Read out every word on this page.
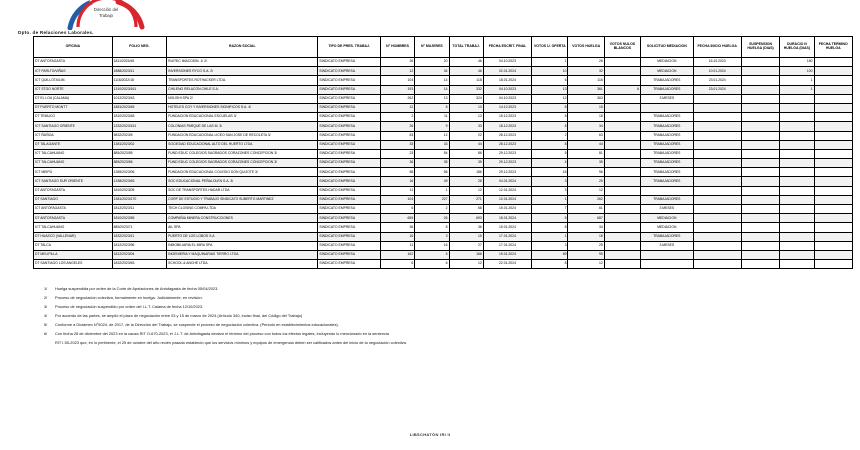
Dirección del
Trabajo
Dpto. de Relaciones Laborales.
OFICINA	FOLIO NEG.	RAZON SOCIAL	TIPO DE PRES. TRABAJ.	N° HOMBRES	N° MUJERES	TOTAL TRABAJ.	FECHA ESCRIT. FINAL	VOTOS U. OFERTA	VOTOS HUELGA	VOTOS NULOS BLANCOS	SOLICITUD MEDIACION	FECHA INICIO HUELGA	SUSPENSION HUELGA (DIAS)	DURACIO N HUELGA (DIAS)	FECHA TERMINO HUELGA
DT ANTOFAGASTA	1811/2023/45	RUITEC IMACOSIN. 1/ 2/	SINDICATO EMPRESA	26	20	46	04.10.2023	1	26		MEDIACION	16.10.2023		180	
ICT PARLTO/VIÑAS	1888/2023/11	INVERSIONES RYCO S.A. 2/	SINDICATO EMPRESA	12	34	46	02.01.2024	10	32		MEDIACION	10.01.2024		100	
ICT QUILLOTA/LIM.	1116/2022/18	TRANSPORTES ROTHACKER LTDA.	SINDICATO EMPRESA	104	14	118	18.01.2024	6	116		TRABAJADORES	23.01.2024		1	
ICT STGO NORTE	1310/2023/161	CHILENO RELACON CHILE S.A.	SINDICATO EMPRESA	193	14	332	04.10.2023	13	361	6	TRABAJADORES	23.01.2024		1	
DT EL LOA (CALAMA)	1012/2023/43	NOLISHI SPA 2/	SINDICATO EMPRESA	262	13	324	04.10.2023	12	363		3 MESES				
DT PUERTO MONTT	1881/2023/45	HOTELES CGY Y INVERSIONES SIGNIFICOS S.A. 4/	SINDICATO EMPRESA	12	8	13	14.12.2023	8	15						
DT TEMUCO	1810/2023/48	FUNDACION EDUCACIONAL ESCUELAS 3/	SINDICATO EMPRESA	2	11	13	15.12.2023	8	18		TRABAJADORES				
ICT SANTIAGO ORIENTE	1332/2023/151	COLONIAS PARQUE DE LAS M. 3/	SINDICATO EMPRESA	26	9	33	18.12.2023	8	34		TRABAJADORES				
ICT ÑUÑOA	5832/2023/5	FUNDACION EDUCACIONAL LICEO SAN JOSE DE RECOLETA 3/	SINDICATO EMPRESA	53	12	22	28.12.2023	2	63		TRABAJADORES				
DT TALAGANTE	1381/2023/02	SOCIEDAD EDUCACIONAL ALTO DEL HUERTO LTDA	SINDICATO EMPRESA	33	33	44	28.12.2023	8	44		TRABAJADORES				
ICT TALCAHUANO	885/2023/55	FUND EDUC COLEGIOS SAGRADOS CORAZONES CONCEPCION 3/	SINDICATO EMPRESA	23	54	86	29.12.2023	5	81		TRABAJADORES				
ICT TALCAHUANO	885/2023/56	FUND EDUC COLEGIOS SAGRADOS CORAZONES CONCEPCION 3/	SINDICATO EMPRESA	36	35	35	29.12.2023	4	35		TRABAJADORES				
ICT MEIPÚ	1385/2023/06	FUNDACION EDUCACIONAL COLEGIO DON QUIJOTE 3/	SINDICATO EMPRESA	58	56	186	29.12.2023	18	96		TRABAJADORES				
ICT SANTIAGO SUR ORIENTE	1338/2023/63	SOC EDUCACIONAL PEÑALOLEN S.A. 3/	SINDICATO EMPRESA	16	49	28	04.01.2024	3	25		TRABAJADORES				
DT ANTOFAGASTA	1810/2023/05	SOC DE TRANSPORTES HADAR LTDA	SINDICATO EMPRESA	11	1	12	12.01.2024	3	12						
DT SANTIAGO	1381/2023/170	CORP DE ESTUDIO Y TRABAJO SINDICATO SUBERTO MARTINEZ	SINDICATO EMPRESA	104	227	271	12.01.2024	1	262		TRABAJADORES				
ICT ANTOFAGASTA	1812/2023/11	TECH CLOSING COMPA LTDA	SINDICATO EMPRESA	6	2	68	15.01.2024	7	61		3 MESES				
DT ANTOFAGASTA	1810/2023/55	COMPAÑIA MINERA CONSTRUCCIONES	SINDICATO EMPRESA	655	26	693	15.01.2024	5	687		MEDIACION				
ICT TALCAHUANO	885/2023/71	AIL SPA	SINDICATO EMPRESA	36	8	36	15.01.2024	8	34		MEDIACION				
DT HUASCO (VALLENAR)	1832/2023/11	PUERTO DE LOS LOBOS S.A	SINDICATO EMPRESA	16	3	15	17.01.2024	1	18		TRABAJADORES				
DT TALCA	1812/2023/96	INMOBILIARIA EL MIRA SPA	SINDICATO EMPRESA	11	16	27	17.01.2024	3	25		3 MESES				
DT MELIPILLA	1812/2023/04	INGENIERIA Y MAQUINARIAS TIERRO LTDA.	SINDICATO EMPRESA	162	5	166	19.01.2024	69	95						
DT SANTIAGO LOS ANGELES	1832/2023/63	SCHOOL & ANCHE LTDA.	SINDICATO EMPRESA	6	6	12	22.01.2024	8	12						
1/ Huelga suspendida por orden de la Corte de Apelaciones de Antofagasta de fecha 05/04/2023.
2/ Proceso de negociación colectiva, formalmente en huelga. Judicialmente, en revisión.
3/ Proceso de negociación suspendido por orden del I.L.T. Calama de fecha 12/10/2023.
4/ Por acuerdo de las partes, se amplió el plazo de negociación entre 03 y 15 de marzo de 2024 (Artículo 340, inciso final, del Código del Trabajo)
5/ Conforme a Dictamen N°5024, de 2017, de la Dirección del Trabajo, se suspende el proceso de negociación colectiva. (Periodo en establecimientos educacionales).
6/ Con fecha 28 de diciembre del 2023 en la causa RIT O-670-2023, el J.L.T. de Antofagasta declaró el término del proceso con todos los efectos legales, incluyendo lo mencionado en la sentencia
RIT I-55-2023 que, en lo pertinente, el 25 de octubre del año recién pasado estableció que los servicios mínimos y equipos de emergencia deben ser calificados antes del inicio de la negociación colectiva.
LIBSCHATÓN IRI II
